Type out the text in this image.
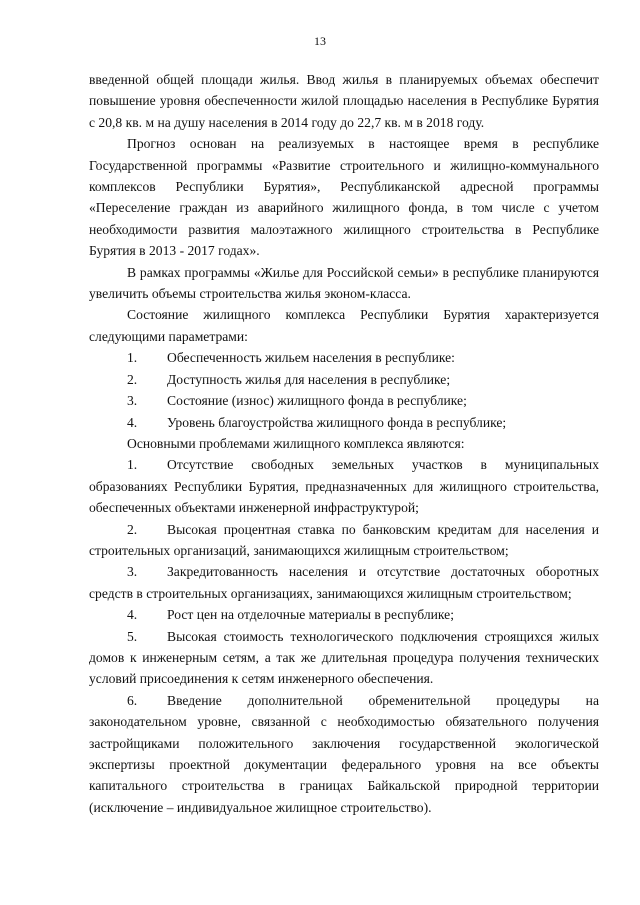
13

введенной общей площади жилья. Ввод жилья в планируемых объемах обеспечит повышение уровня обеспеченности жилой площадью населения в Республике Бурятия с 20,8 кв. м на душу населения в 2014 году до 22,7 кв. м в 2018 году.

Прогноз основан на реализуемых в настоящее время в республике Государственной программы «Развитие строительного и жилищно-коммунального комплексов Республики Бурятия», Республиканской адресной программы «Переселение граждан из аварийного жилищного фонда, в том числе с учетом необходимости развития малоэтажного жилищного строительства в Республике Бурятия в 2013 - 2017 годах».

В рамках программы «Жилье для Российской семьи» в республике планируются увеличить объемы строительства жилья эконом-класса.

Состояние жилищного комплекса Республики Бурятия характеризуется следующими параметрами:

1. Обеспеченность жильем населения в республике:

2. Доступность жилья для населения в республике;

3. Состояние (износ) жилищного фонда в республике;

4. Уровень благоустройства жилищного фонда в республике;

Основными проблемами жилищного комплекса являются:

1. Отсутствие свободных земельных участков в муниципальных образованиях Республики Бурятия, предназначенных для жилищного строительства, обеспеченных объектами инженерной инфраструктурой;

2. Высокая процентная ставка по банковским кредитам для населения и строительных организаций, занимающихся жилищным строительством;

3. Закредитованность населения и отсутствие достаточных оборотных средств в строительных организациях, занимающихся жилищным строительством;

4. Рост цен на отделочные материалы в республике;

5. Высокая стоимость технологического подключения строящихся жилых домов к инженерным сетям, а так же длительная процедура получения технических условий присоединения к сетям инженерного обеспечения.

6. Введение дополнительной обременительной процедуры на законодательном уровне, связанной с необходимостью обязательного получения застройщиками положительного заключения государственной экологической экспертизы проектной документации федерального уровня на все объекты капитального строительства в границах Байкальской природной территории (исключение – индивидуальное жилищное строительство).
